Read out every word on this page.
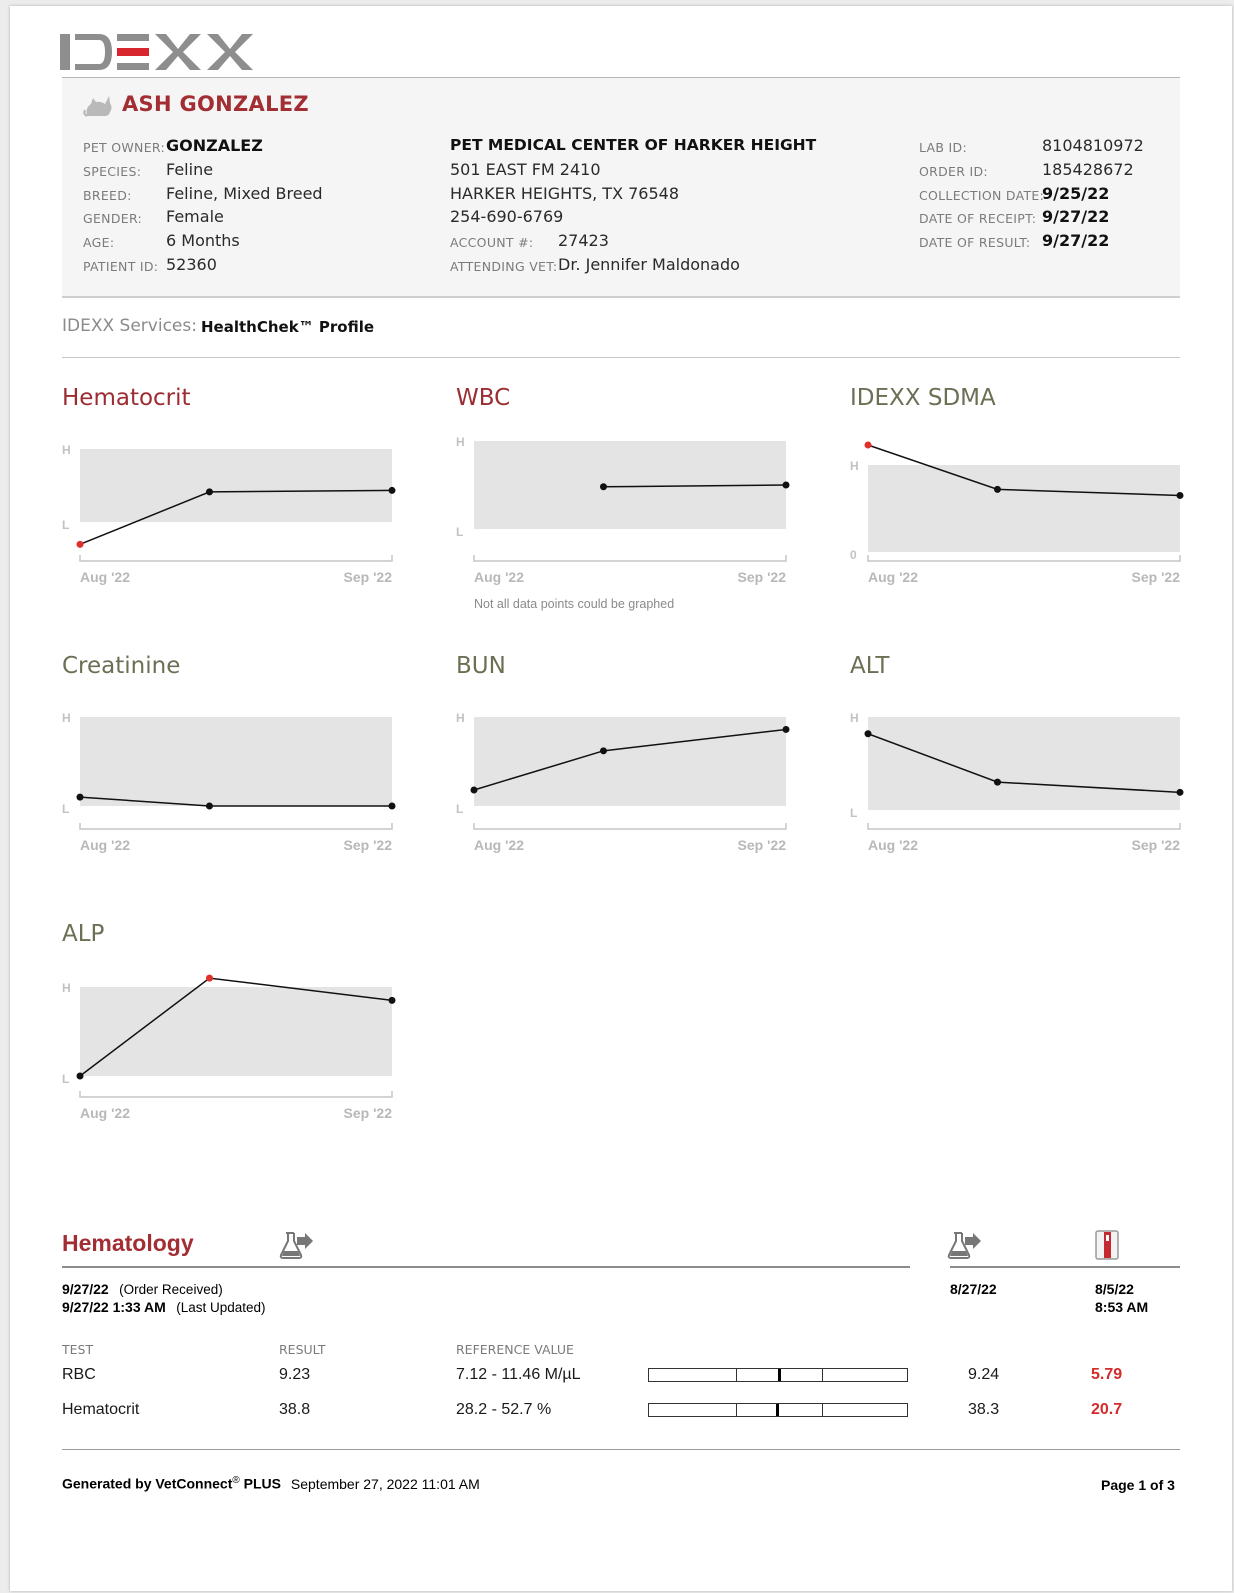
ASH GONZALEZ
PET OWNER: GONZALEZ
SPECIES: Feline
BREED: Feline, Mixed Breed
GENDER: Female
AGE:	6 Months
PATIENT ID: 52360
PET MEDICAL CENTER OF HARKER HEIGHT
501 EAST FM 2410
HARKER HEIGHTS, TX 76548
254-690-6769
ACCOUNT #: 27423
ATTENDING VET: Dr. Jennifer Maldonado
LAB ID:	8104810972
ORDER ID:	185428672
COLLECTION DATE:
9/25/22
DATE OF RECEIPT: 9/27/22
DATE OF RESULT: 9/27/22
IDEXX Services: HealthChek™ Profile
Hematocrit
H
L
Aug '22	Sep '22
WBC
H
L
Aug '22	Sep '22
IDEXX SDMA
H
0
Aug '22	Sep '22
Creatinine
H
L
Aug '22	Sep '22
BUN
H
L
Aug '22	Sep '22
ALT
H
L
Aug '22	Sep '22
ALP
H
L
Aug '22	Sep '22
Not all data points could be graphed
Hematology
9/27/22 (Order Received)
9/27/22 1:33 AM (Last Updated)
8/27/22	8/5/22
8:53 AM
TEST	RESULT	REFERENCE VALUE
RBC	9.23	7.12 - 11.46 M/µL	9.24	5.79
Hematocrit	38.8	28.2 - 52.7 %	38.3	20.7
Generated by VetConnect® PLUS September 27, 2022 11:01 AM	Page 1 of 3
